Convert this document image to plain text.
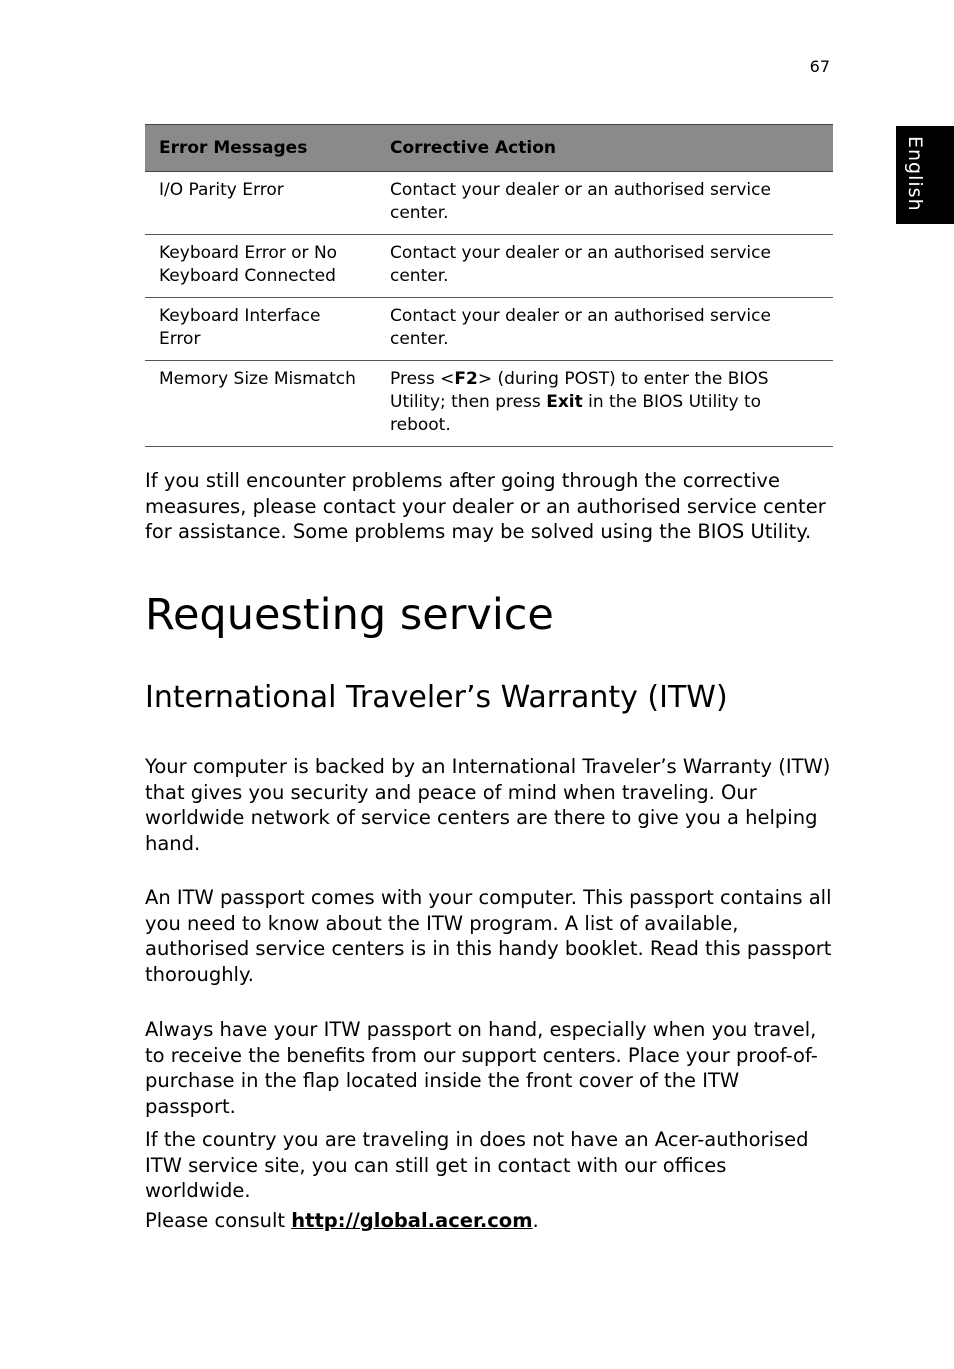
67
English
Error Messages	Corrective Action
I/O Parity Error	Contact your dealer or an authorised service center.
Keyboard Error or No Keyboard Connected	Contact your dealer or an authorised service center.
Keyboard Interface Error	Contact your dealer or an authorised service center.
Memory Size Mismatch	Press <F2> (during POST) to enter the BIOS Utility; then press Exit in the BIOS Utility to reboot.

If you still encounter problems after going through the corrective measures, please contact your dealer or an authorised service center for assistance. Some problems may be solved using the BIOS Utility.

Requesting service
International Traveler’s Warranty (ITW)

Your computer is backed by an International Traveler’s Warranty (ITW) that gives you security and peace of mind when traveling. Our worldwide network of service centers are there to give you a helping hand.

An ITW passport comes with your computer. This passport contains all you need to know about the ITW program. A list of available, authorised service centers is in this handy booklet. Read this passport thoroughly.

Always have your ITW passport on hand, especially when you travel, to receive the benefits from our support centers. Place your proof-of-purchase in the flap located inside the front cover of the ITW passport.

If the country you are traveling in does not have an Acer-authorised ITW service site, you can still get in contact with our offices worldwide.

Please consult http://global.acer.com.
